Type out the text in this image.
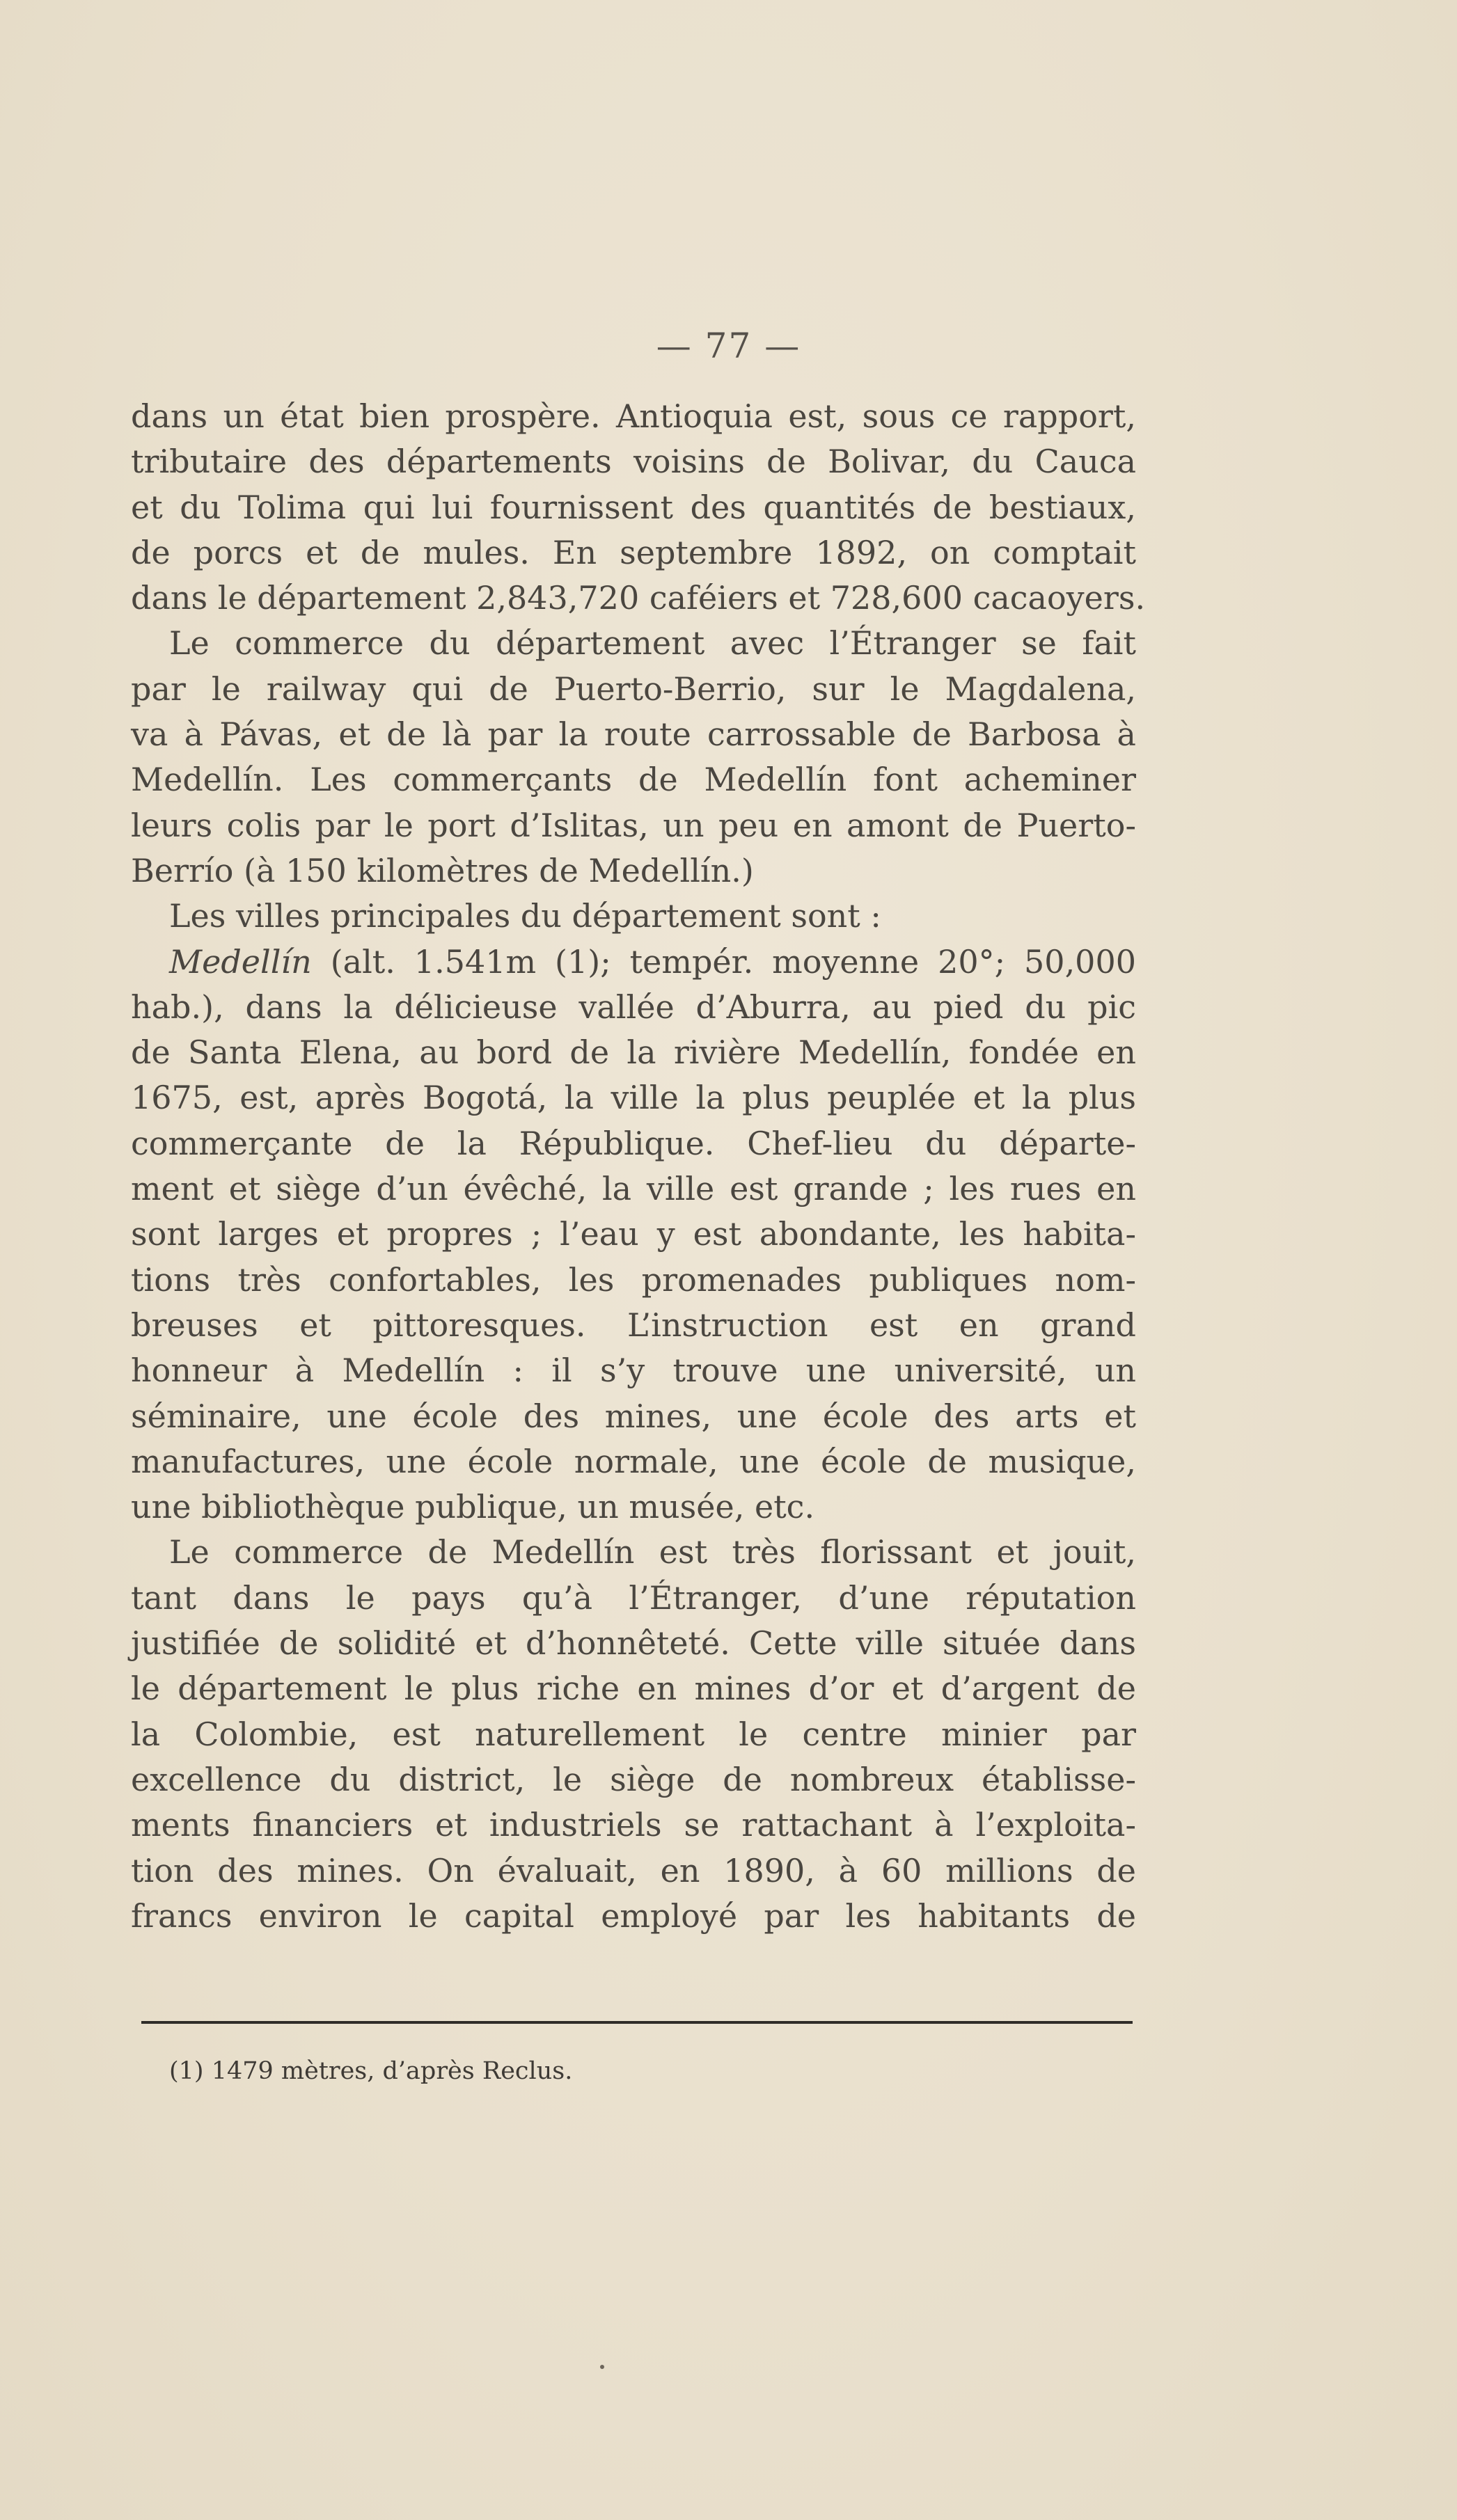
— 77 —
dans un état bien prospère. Antioquia est, sous ce rapport,
tributaire des départements voisins de Bolivar, du Cauca
et du Tolima qui lui fournissent des quantités de bestiaux,
de porcs et de mules. En septembre 1892, on comptait
dans le département 2,843,720 caféiers et 728,600 cacaoyers.
Le commerce du département avec l’Étranger se fait
par le railway qui de Puerto-Berrio, sur le Magdalena,
va à Pávas, et de là par la route carrossable de Barbosa à
Medellín. Les commerçants de Medellín font acheminer
leurs colis par le port d’Islitas, un peu en amont de Puerto-
Berrío (à 150 kilomètres de Medellín.)
Les villes principales du département sont :
Medellín (alt. 1.541m (1); tempér. moyenne 20°; 50,000
hab.), dans la délicieuse vallée d’Aburra, au pied du pic
de Santa Elena, au bord de la rivière Medellín, fondée en
1675, est, après Bogotá, la ville la plus peuplée et la plus
commerçante de la République. Chef-lieu du départe-
ment et siège d’un évêché, la ville est grande ; les rues en
sont larges et propres ; l’eau y est abondante, les habita-
tions très confortables, les promenades publiques nom-
breuses et pittoresques. L’instruction est en grand
honneur à Medellín : il s’y trouve une université, un
séminaire, une école des mines, une école des arts et
manufactures, une école normale, une école de musique,
une bibliothèque publique, un musée, etc.
Le commerce de Medellín est très florissant et jouit,
tant dans le pays qu’à l’Étranger, d’une réputation
justifiée de solidité et d’honnêteté. Cette ville située dans
le département le plus riche en mines d’or et d’argent de
la Colombie, est naturellement le centre minier par
excellence du district, le siège de nombreux établisse-
ments financiers et industriels se rattachant à l’exploita-
tion des mines. On évaluait, en 1890, à 60 millions de
francs environ le capital employé par les habitants de
(1) 1479 mètres, d’après Reclus.
